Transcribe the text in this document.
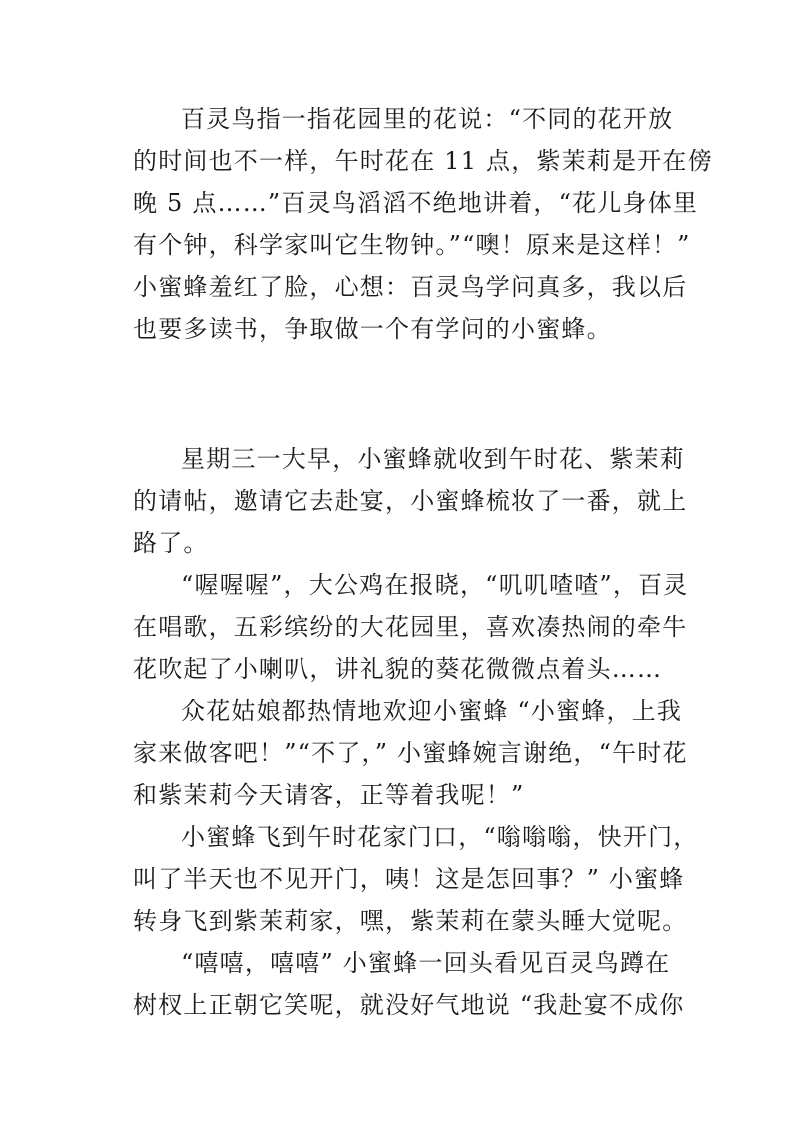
百灵鸟指一指花园里的花说：“不同的花开放
的时间也不一样，午时花在 11 点，紫茉莉是开在傍
晚 5 点……”百灵鸟滔滔不绝地讲着，“花儿身体里
有个钟，科学家叫它生物钟。”“噢！原来是这样！”
小蜜蜂羞红了脸，心想：百灵鸟学问真多，我以后
也要多读书，争取做一个有学问的小蜜蜂。
星期三一大早，小蜜蜂就收到午时花、紫茉莉
的请帖，邀请它去赴宴，小蜜蜂梳妆了一番，就上
路了。
“喔喔喔”，大公鸡在报晓，“叽叽喳喳”，百灵
在唱歌，五彩缤纷的大花园里，喜欢凑热闹的牵牛
花吹起了小喇叭，讲礼貌的葵花微微点着头……
众花姑娘都热情地欢迎小蜜蜂 “小蜜蜂，上我
家来做客吧！”“不了，” 小蜜蜂婉言谢绝，“午时花
和紫茉莉今天请客，正等着我呢！”
小蜜蜂飞到午时花家门口，“嗡嗡嗡，快开门，
叫了半天也不见开门，咦！这是怎回事？” 小蜜蜂
转身飞到紫茉莉家，嘿，紫茉莉在蒙头睡大觉呢。
“嘻嘻，嘻嘻” 小蜜蜂一回头看见百灵鸟蹲在
树杈上正朝它笑呢，就没好气地说 “我赴宴不成你
